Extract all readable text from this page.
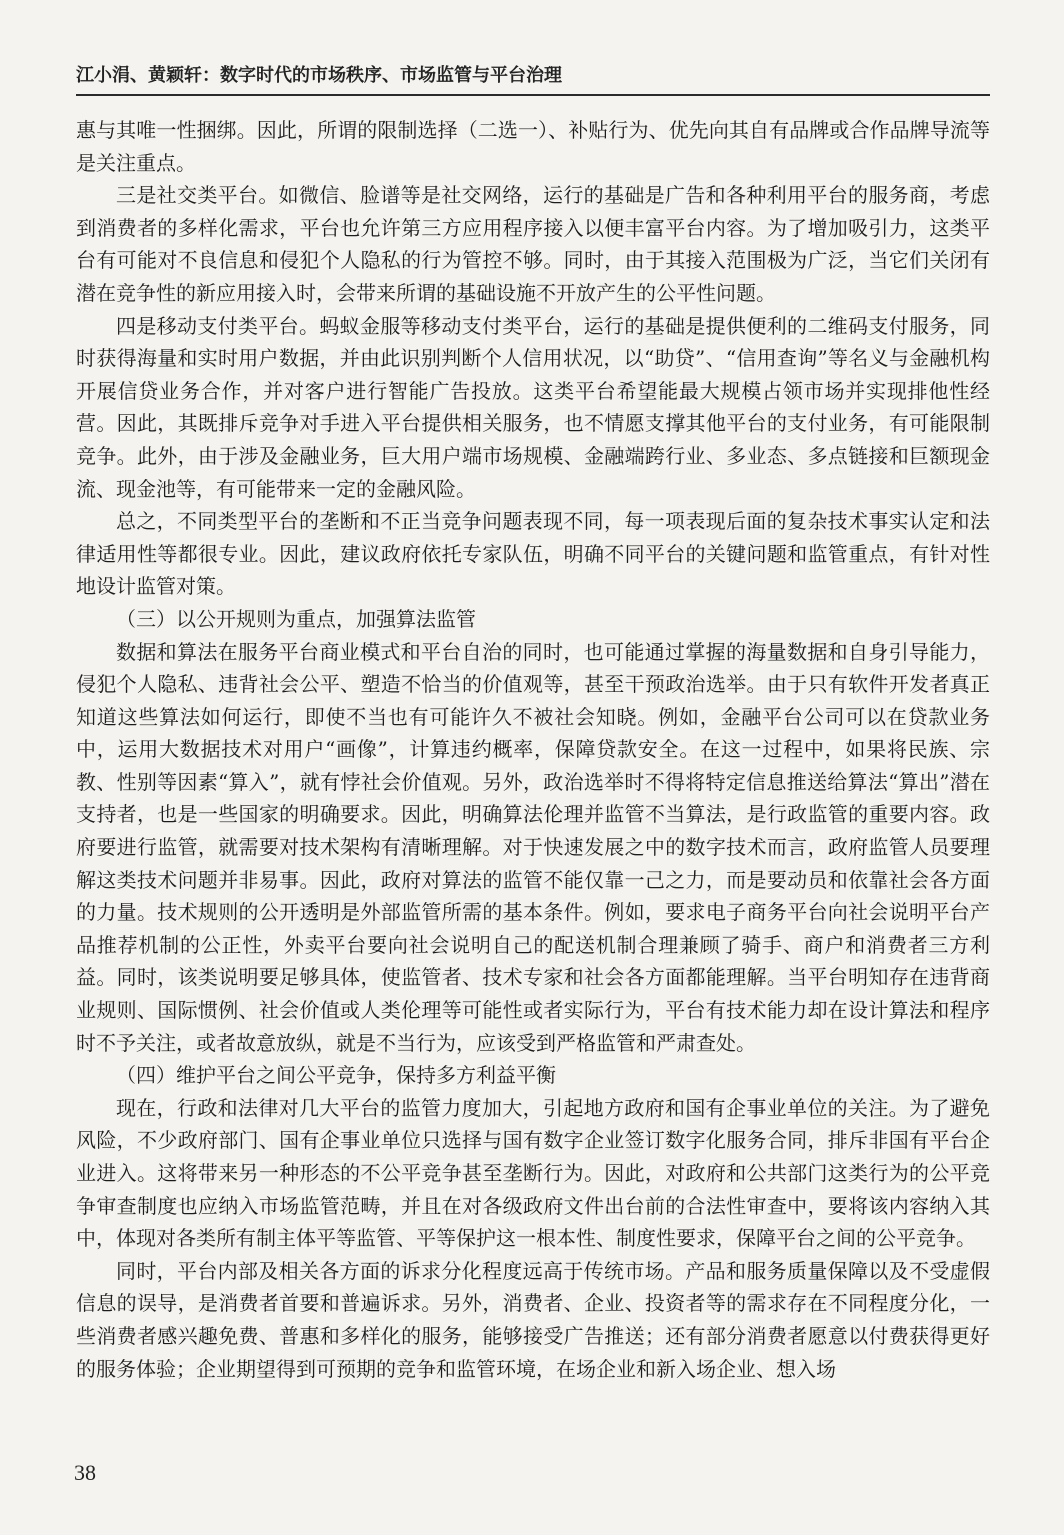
江小涓、黄颖轩：数字时代的市场秩序、市场监管与平台治理

惠与其唯一性捆绑。因此，所谓的限制选择（二选一）、补贴行为、优先向其自有品牌或合作品牌导流等是关注重点。

三是社交类平台。如微信、脸谱等是社交网络，运行的基础是广告和各种利用平台的服务商，考虑到消费者的多样化需求，平台也允许第三方应用程序接入以便丰富平台内容。为了增加吸引力，这类平台有可能对不良信息和侵犯个人隐私的行为管控不够。同时，由于其接入范围极为广泛，当它们关闭有潜在竞争性的新应用接入时，会带来所谓的基础设施不开放产生的公平性问题。

四是移动支付类平台。蚂蚁金服等移动支付类平台，运行的基础是提供便利的二维码支付服务，同时获得海量和实时用户数据，并由此识别判断个人信用状况，以“助贷”、“信用查询”等名义与金融机构开展信贷业务合作，并对客户进行智能广告投放。这类平台希望能最大规模占领市场并实现排他性经营。因此，其既排斥竞争对手进入平台提供相关服务，也不情愿支撑其他平台的支付业务，有可能限制竞争。此外，由于涉及金融业务，巨大用户端市场规模、金融端跨行业、多业态、多点链接和巨额现金流、现金池等，有可能带来一定的金融风险。

总之，不同类型平台的垄断和不正当竞争问题表现不同，每一项表现后面的复杂技术事实认定和法律适用性等都很专业。因此，建议政府依托专家队伍，明确不同平台的关键问题和监管重点，有针对性地设计监管对策。

（三）以公开规则为重点，加强算法监管

数据和算法在服务平台商业模式和平台自治的同时，也可能通过掌握的海量数据和自身引导能力，侵犯个人隐私、违背社会公平、塑造不恰当的价值观等，甚至干预政治选举。由于只有软件开发者真正知道这些算法如何运行，即使不当也有可能许久不被社会知晓。例如，金融平台公司可以在贷款业务中，运用大数据技术对用户“画像”，计算违约概率，保障贷款安全。在这一过程中，如果将民族、宗教、性别等因素“算入”，就有悖社会价值观。另外，政治选举时不得将特定信息推送给算法“算出”潜在支持者，也是一些国家的明确要求。因此，明确算法伦理并监管不当算法，是行政监管的重要内容。政府要进行监管，就需要对技术架构有清晰理解。对于快速发展之中的数字技术而言，政府监管人员要理解这类技术问题并非易事。因此，政府对算法的监管不能仅靠一己之力，而是要动员和依靠社会各方面的力量。技术规则的公开透明是外部监管所需的基本条件。例如，要求电子商务平台向社会说明平台产品推荐机制的公正性，外卖平台要向社会说明自己的配送机制合理兼顾了骑手、商户和消费者三方利益。同时，该类说明要足够具体，使监管者、技术专家和社会各方面都能理解。当平台明知存在违背商业规则、国际惯例、社会价值或人类伦理等可能性或者实际行为，平台有技术能力却在设计算法和程序时不予关注，或者故意放纵，就是不当行为，应该受到严格监管和严肃查处。

（四）维护平台之间公平竞争，保持多方利益平衡

现在，行政和法律对几大平台的监管力度加大，引起地方政府和国有企事业单位的关注。为了避免风险，不少政府部门、国有企事业单位只选择与国有数字企业签订数字化服务合同，排斥非国有平台企业进入。这将带来另一种形态的不公平竞争甚至垄断行为。因此，对政府和公共部门这类行为的公平竞争审查制度也应纳入市场监管范畴，并且在对各级政府文件出台前的合法性审查中，要将该内容纳入其中，体现对各类所有制主体平等监管、平等保护这一根本性、制度性要求，保障平台之间的公平竞争。

同时，平台内部及相关各方面的诉求分化程度远高于传统市场。产品和服务质量保障以及不受虚假信息的误导，是消费者首要和普遍诉求。另外，消费者、企业、投资者等的需求存在不同程度分化，一些消费者感兴趣免费、普惠和多样化的服务，能够接受广告推送；还有部分消费者愿意以付费获得更好的服务体验；企业期望得到可预期的竞争和监管环境，在场企业和新入场企业、想入场

38
